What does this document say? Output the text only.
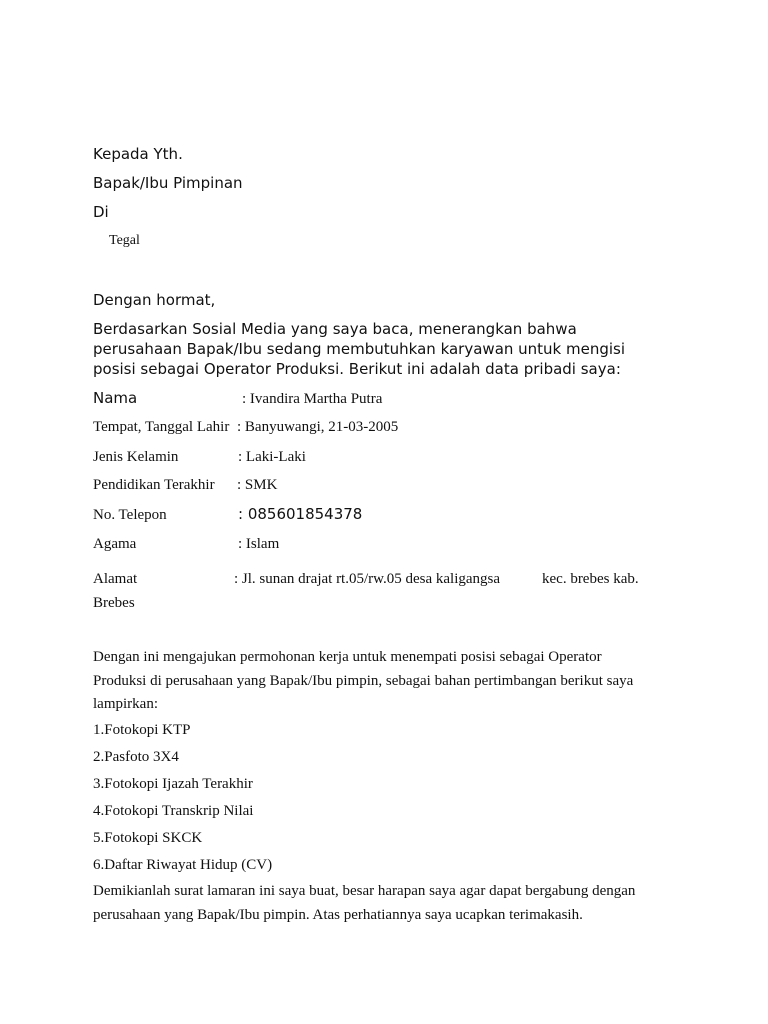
Kepada Yth.
Bapak/Ibu Pimpinan
Di
Tegal
Dengan hormat,
Berdasarkan Sosial Media yang saya baca, menerangkan bahwa
perusahaan Bapak/Ibu sedang membutuhkan karyawan untuk mengisi
posisi sebagai Operator Produksi. Berikut ini adalah data pribadi saya:
Nama	: Ivandira Martha Putra
Tempat, Tanggal Lahir : Banyuwangi, 21-03-2005
Jenis Kelamin	: Laki-Laki
Pendidikan Terakhir : SMK
No. Telepon	: 085601854378
Agama	: Islam
Alamat	: Jl. sunan drajat rt.05/rw.05 desa kaligangsa	kec. brebes kab.
Brebes
Dengan ini mengajukan permohonan kerja untuk menempati posisi sebagai Operator
Produksi di perusahaan yang Bapak/Ibu pimpin, sebagai bahan pertimbangan berikut saya
lampirkan:
1.Fotokopi KTP
2.Pasfoto 3X4
3.Fotokopi Ijazah Terakhir
4.Fotokopi Transkrip Nilai
5.Fotokopi SKCK
6.Daftar Riwayat Hidup (CV)
Demikianlah surat lamaran ini saya buat, besar harapan saya agar dapat bergabung dengan
perusahaan yang Bapak/Ibu pimpin. Atas perhatiannya saya ucapkan terimakasih.
